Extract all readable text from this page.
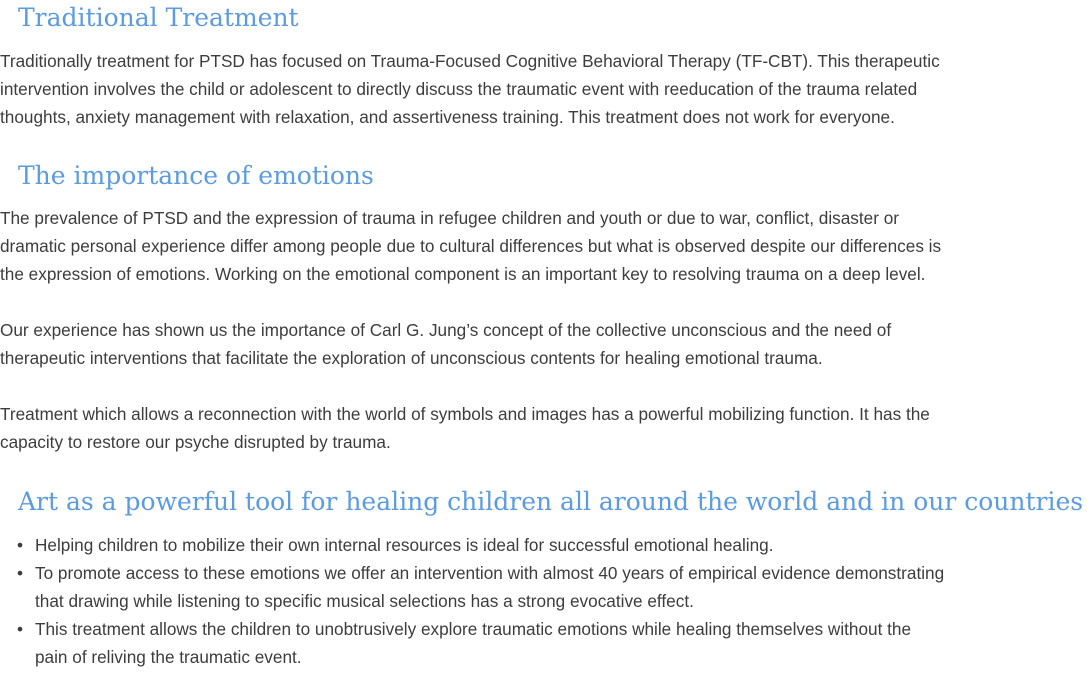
Traditional Treatment

Traditionally treatment for PTSD has focused on Trauma-Focused Cognitive Behavioral Therapy (TF-CBT). This therapeutic
intervention involves the child or adolescent to directly discuss the traumatic event with reeducation of the trauma related
thoughts, anxiety management with relaxation, and assertiveness training. This treatment does not work for everyone.

The importance of emotions

The prevalence of PTSD and the expression of trauma in refugee children and youth or due to war, conflict, disaster or
dramatic personal experience differ among people due to cultural differences but what is observed despite our differences is
the expression of emotions. Working on the emotional component is an important key to resolving trauma on a deep level.

Our experience has shown us the importance of Carl G. Jung’s concept of the collective unconscious and the need of
therapeutic interventions that facilitate the exploration of unconscious contents for healing emotional trauma.

Treatment which allows a reconnection with the world of symbols and images has a powerful mobilizing function. It has the
capacity to restore our psyche disrupted by trauma.

Art as a powerful tool for healing children all around the world and in our countries
• Helping children to mobilize their own internal resources is ideal for successful emotional healing.
• To promote access to these emotions we offer an intervention with almost 40 years of empirical evidence demonstrating
that drawing while listening to specific musical selections has a strong evocative effect.
• This treatment allows the children to unobtrusively explore traumatic emotions while healing themselves without the
pain of reliving the traumatic event.
